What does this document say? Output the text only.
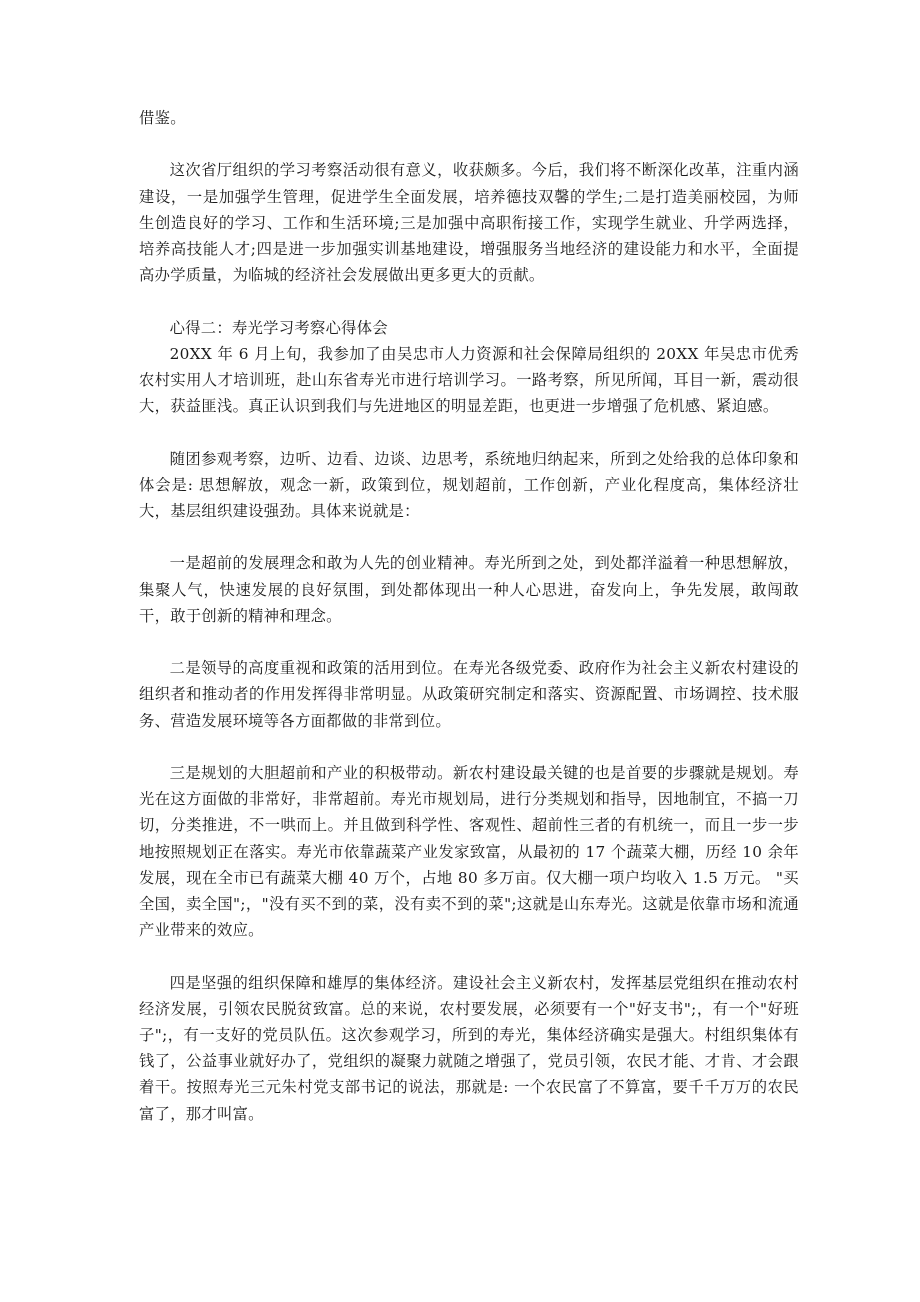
借鉴。

这次省厅组织的学习考察活动很有意义，收获颇多。今后，我们将不断深化改革，注重内涵建设，一是加强学生管理，促进学生全面发展，培养德技双馨的学生;二是打造美丽校园，为师生创造良好的学习、工作和生活环境;三是加强中高职衔接工作，实现学生就业、升学两选择，培养高技能人才;四是进一步加强实训基地建设，增强服务当地经济的建设能力和水平，全面提高办学质量，为临城的经济社会发展做出更多更大的贡献。

心得二：寿光学习考察心得体会

20XX 年 6 月上旬，我参加了由吴忠市人力资源和社会保障局组织的 20XX 年吴忠市优秀农村实用人才培训班，赴山东省寿光市进行培训学习。一路考察，所见所闻，耳目一新，震动很大，获益匪浅。真正认识到我们与先进地区的明显差距，也更进一步增强了危机感、紧迫感。

随团参观考察，边听、边看、边谈、边思考，系统地归纳起来，所到之处给我的总体印象和体会是: 思想解放，观念一新，政策到位，规划超前，工作创新，产业化程度高，集体经济壮大，基层组织建设强劲。具体来说就是：

一是超前的发展理念和敢为人先的创业精神。寿光所到之处，到处都洋溢着一种思想解放，集聚人气，快速发展的良好氛围，到处都体现出一种人心思进，奋发向上，争先发展，敢闯敢干，敢于创新的精神和理念。

二是领导的高度重视和政策的活用到位。在寿光各级党委、政府作为社会主义新农村建设的组织者和推动者的作用发挥得非常明显。从政策研究制定和落实、资源配置、市场调控、技术服务、营造发展环境等各方面都做的非常到位。

三是规划的大胆超前和产业的积极带动。新农村建设最关键的也是首要的步骤就是规划。寿光在这方面做的非常好，非常超前。寿光市规划局，进行分类规划和指导，因地制宜，不搞一刀切，分类推进，不一哄而上。并且做到科学性、客观性、超前性三者的有机统一，而且一步一步地按照规划正在落实。寿光市依靠蔬菜产业发家致富，从最初的 17 个蔬菜大棚，历经 10 余年发展，现在全市已有蔬菜大棚 40 万个，占地 80 多万亩。仅大棚一项户均收入 1.5 万元。 "买全国，卖全国";，"没有买不到的菜，没有卖不到的菜";这就是山东寿光。这就是依靠市场和流通产业带来的效应。

四是坚强的组织保障和雄厚的集体经济。建设社会主义新农村，发挥基层党组织在推动农村经济发展，引领农民脱贫致富。总的来说，农村要发展，必须要有一个"好支书";，有一个"好班子";，有一支好的党员队伍。这次参观学习，所到的寿光，集体经济确实是强大。村组织集体有钱了，公益事业就好办了，党组织的凝聚力就随之增强了，党员引领，农民才能、才肯、才会跟着干。按照寿光三元朱村党支部书记的说法，那就是: 一个农民富了不算富，要千千万万的农民富了，那才叫富。
